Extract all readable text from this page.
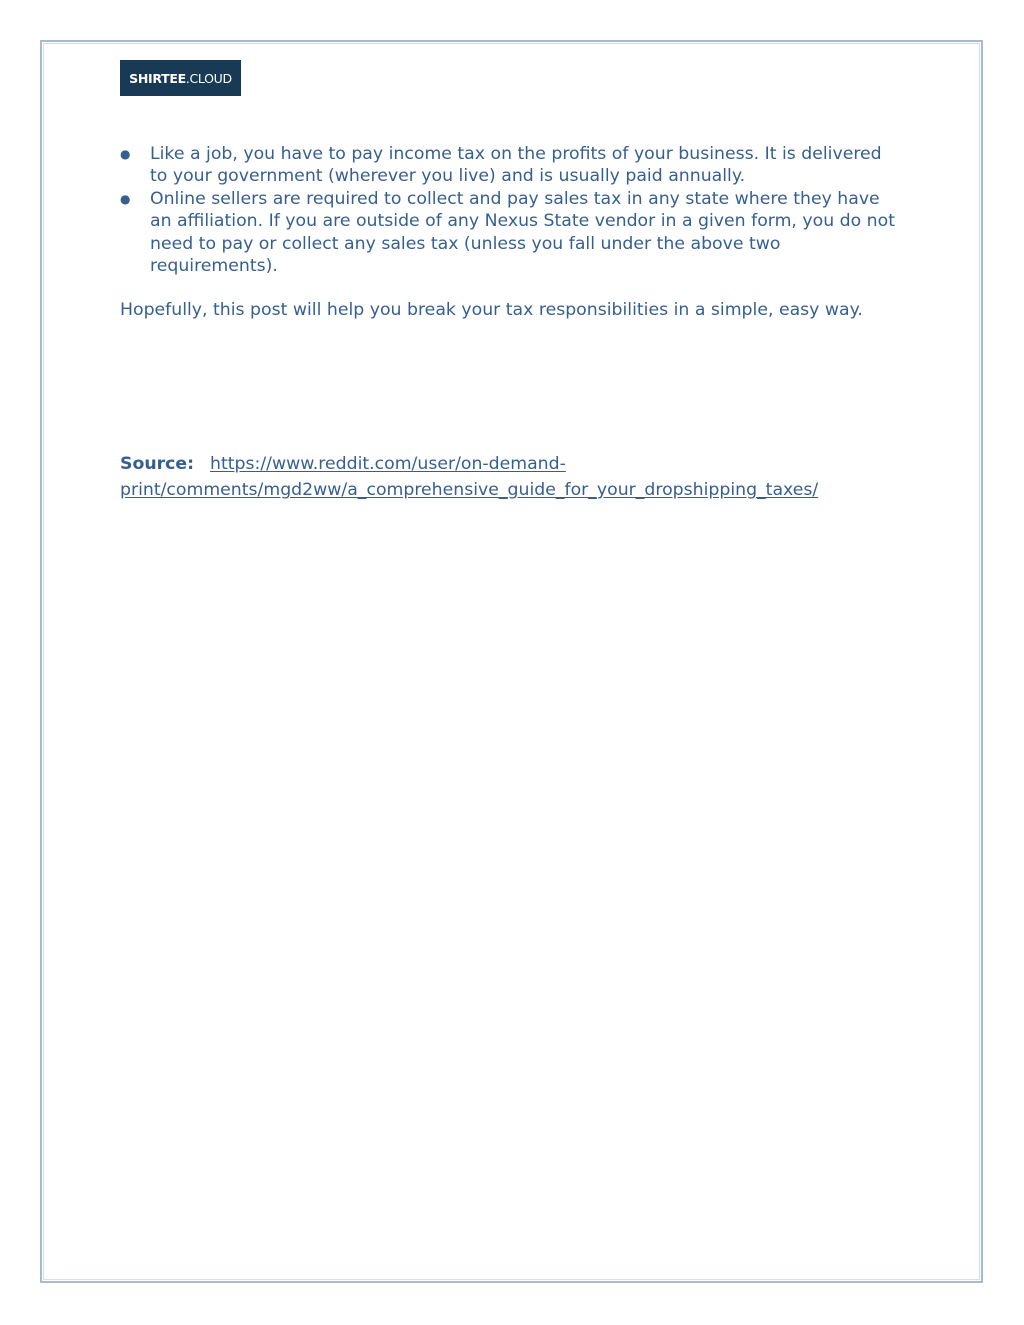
SHIRTEE .CLOUD
● Like a job, you have to pay income tax on the profits of your business. It is delivered to your government (wherever you live) and is usually paid annually.
● Online sellers are required to collect and pay sales tax in any state where they have an affiliation. If you are outside of any Nexus State vendor in a given form, you do not need to pay or collect any sales tax (unless you fall under the above two requirements).

Hopefully, this post will help you break your tax responsibilities in a simple, easy way.

Source: https://www.reddit.com/user/on-demand-
print/comments/mgd2ww/a_comprehensive_guide_for_your_dropshipping_taxes/
